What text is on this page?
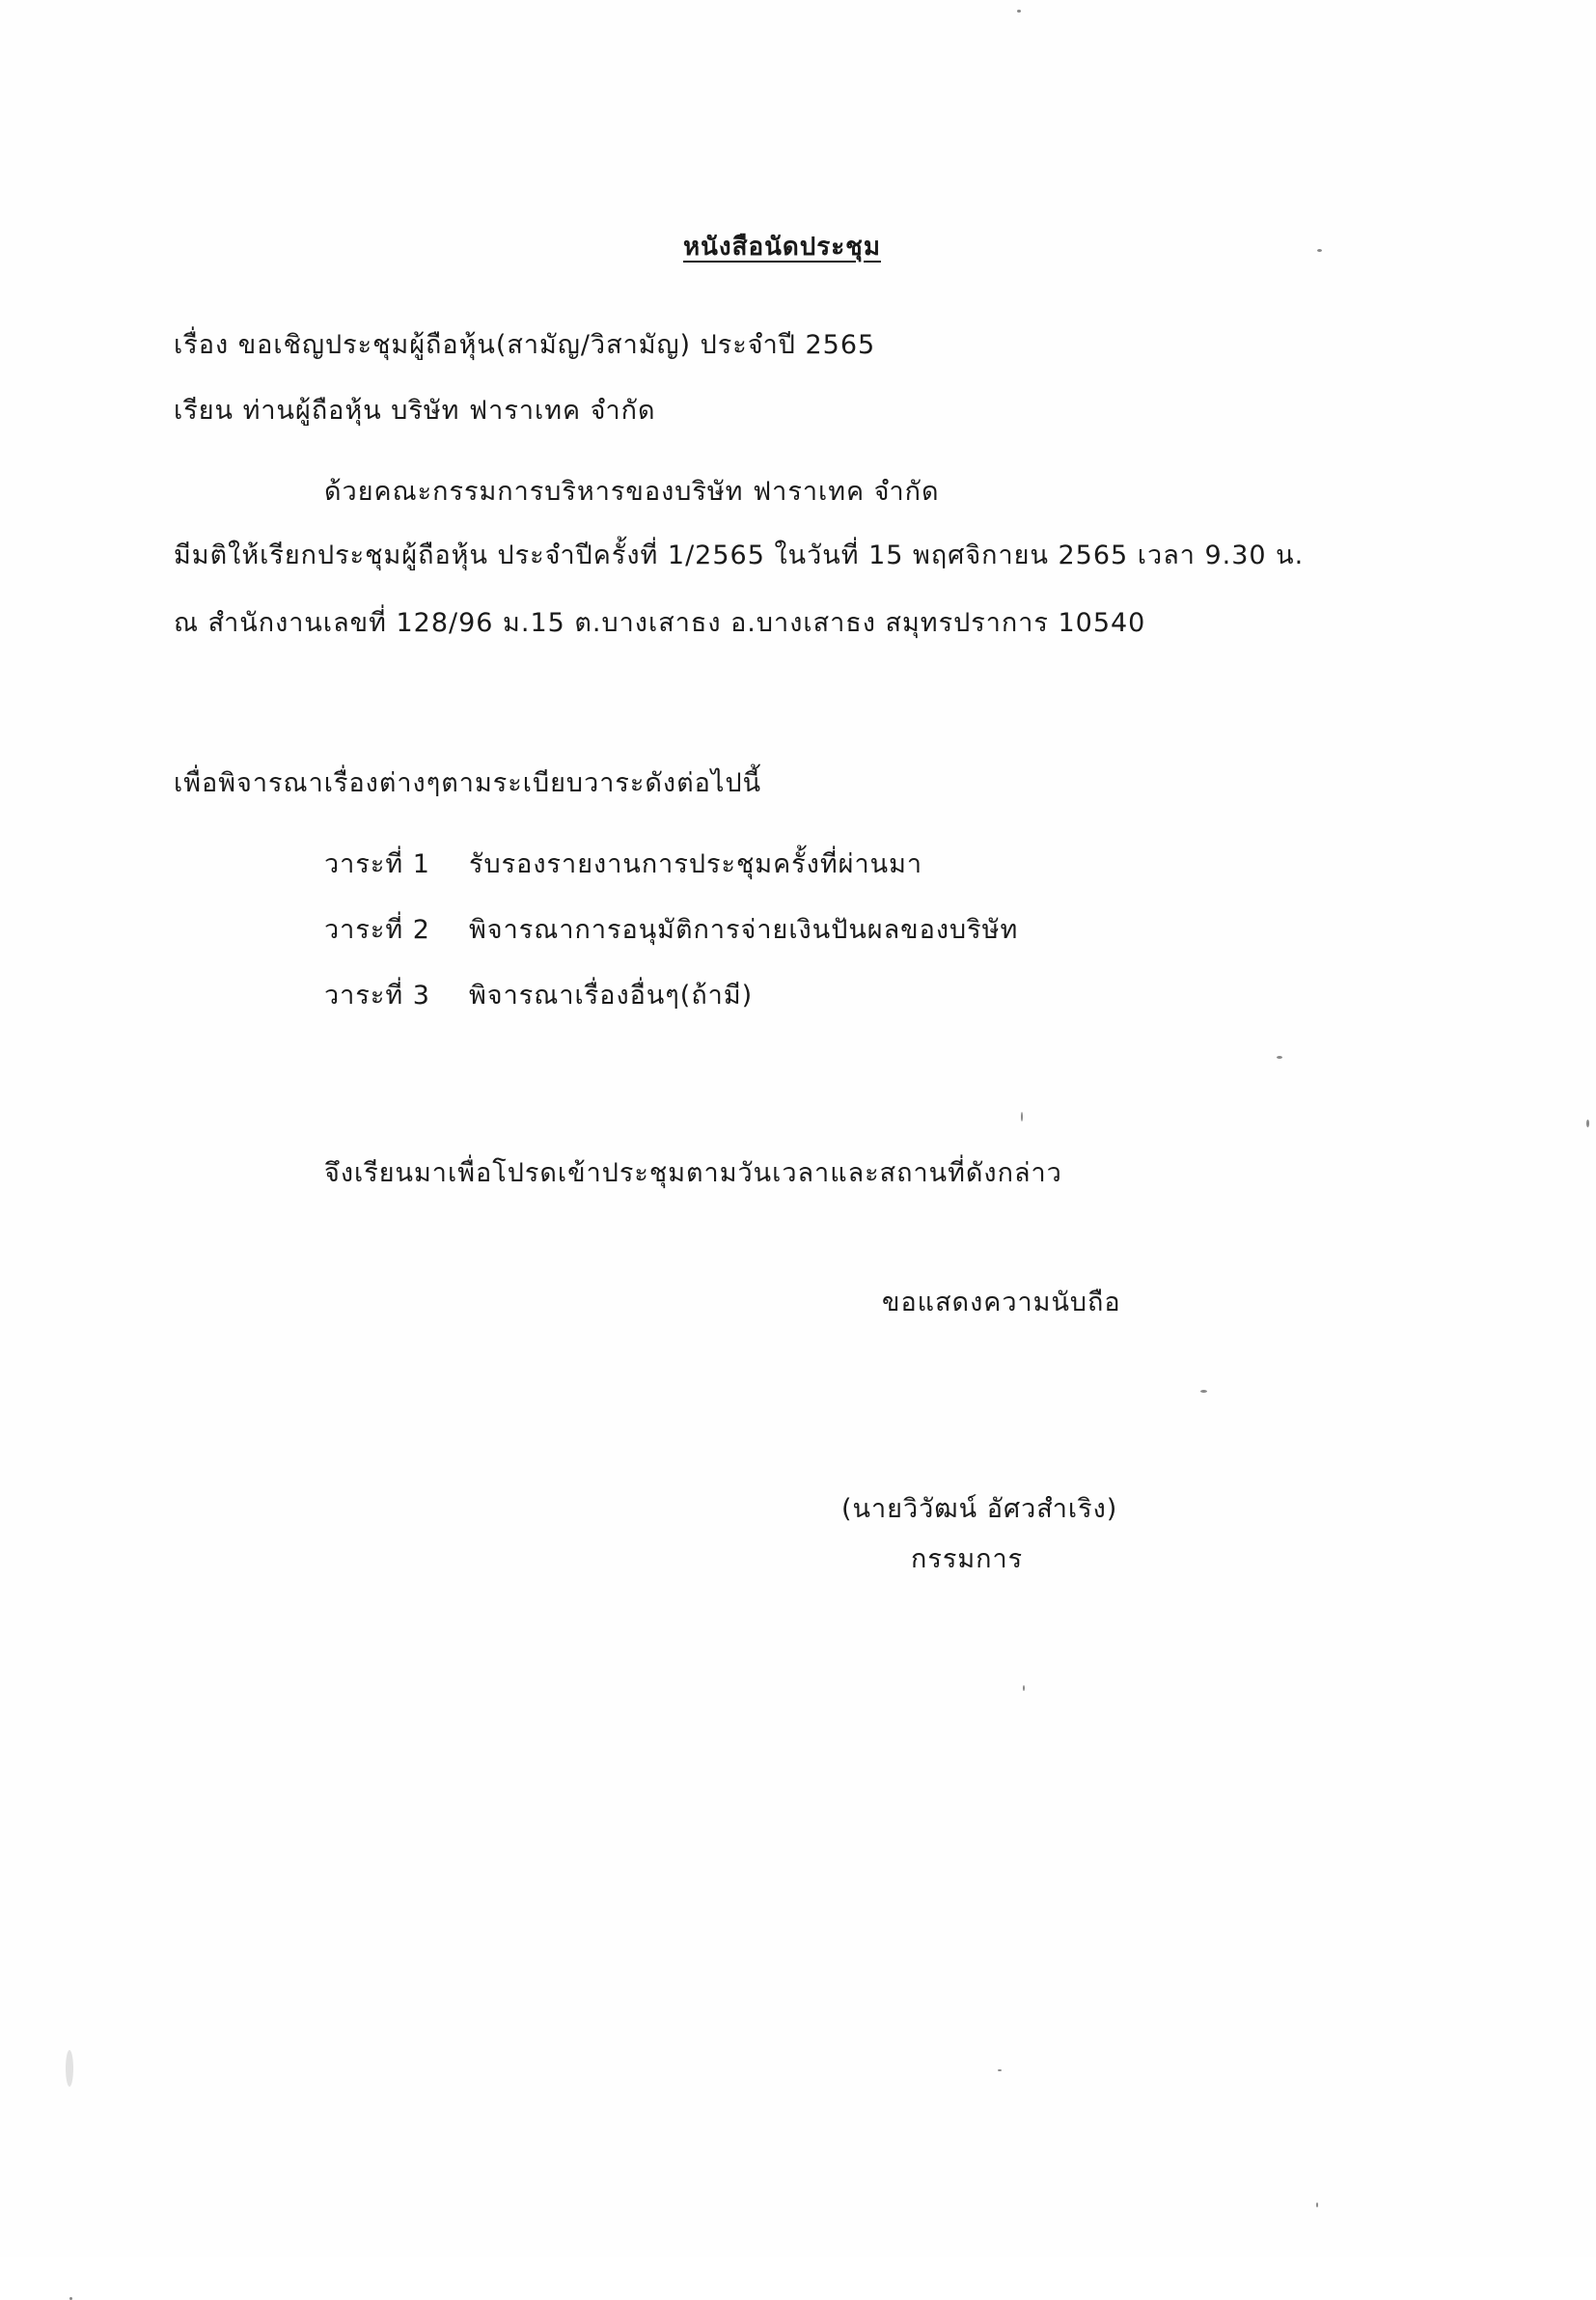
หนังสือนัดประชุม
เรื่อง ขอเชิญประชุมผู้ถือหุ้น(สามัญ/วิสามัญ) ประจำปี 2565
เรียน ท่านผู้ถือหุ้น บริษัท ฟาราเทค จำกัด
ด้วยคณะกรรมการบริหารของบริษัท ฟาราเทค จำกัด
มีมติให้เรียกประชุมผู้ถือหุ้น ประจำปีครั้งที่ 1/2565 ในวันที่ 15 พฤศจิกายน 2565 เวลา 9.30 น.
ณ สำนักงานเลขที่ 128/96 ม.15 ต.บางเสาธง อ.บางเสาธง สมุทรปราการ 10540
เพื่อพิจารณาเรื่องต่างๆตามระเบียบวาระดังต่อไปนี้
วาระที่ 1 รับรองรายงานการประชุมครั้งที่ผ่านมา
วาระที่ 2 พิจารณาการอนุมัติการจ่ายเงินปันผลของบริษัท
วาระที่ 3 พิจารณาเรื่องอื่นๆ(ถ้ามี)
จึงเรียนมาเพื่อโปรดเข้าประชุมตามวันเวลาและสถานที่ดังกล่าว
ขอแสดงความนับถือ
(นายวิวัฒน์ อัศวสำเริง)
กรรมการ
